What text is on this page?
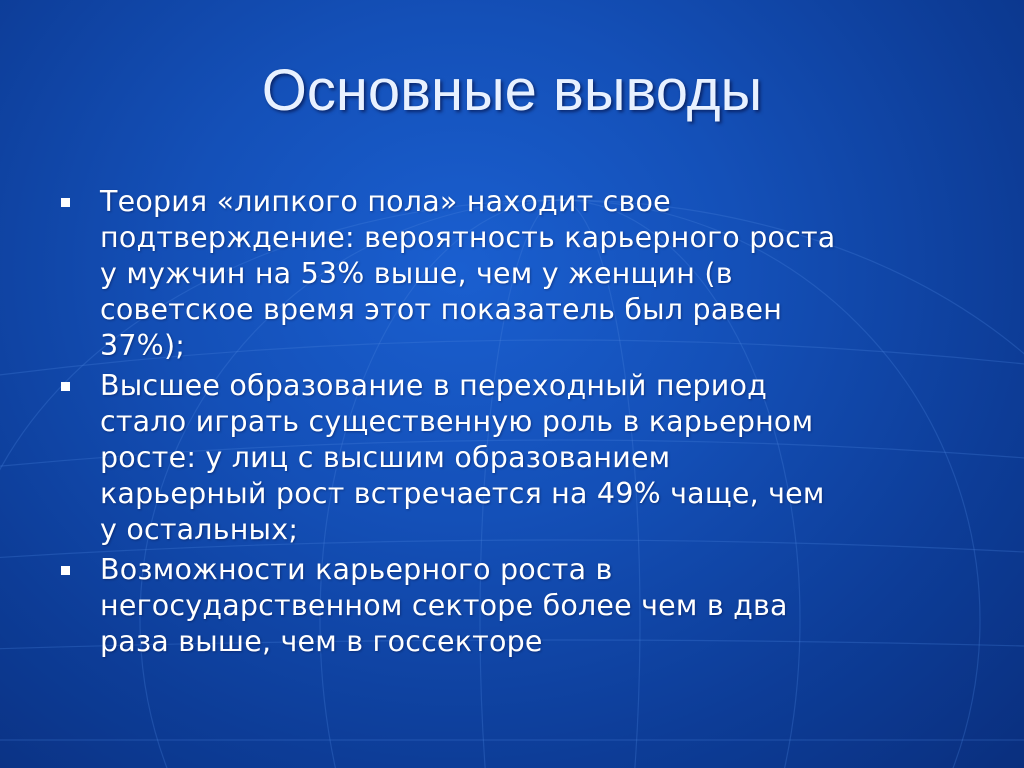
Основные выводы
Теория «липкого пола» находит свое
подтверждение: вероятность карьерного роста
у мужчин на 53% выше, чем у женщин (в
советское время этот показатель был равен
37%);
Высшее образование в переходный период
стало играть существенную роль в карьерном
росте: у лиц с высшим образованием
карьерный рост встречается на 49% чаще, чем
у остальных;
Возможности карьерного роста в
негосударственном секторе более чем в два
раза выше, чем в госсекторе
